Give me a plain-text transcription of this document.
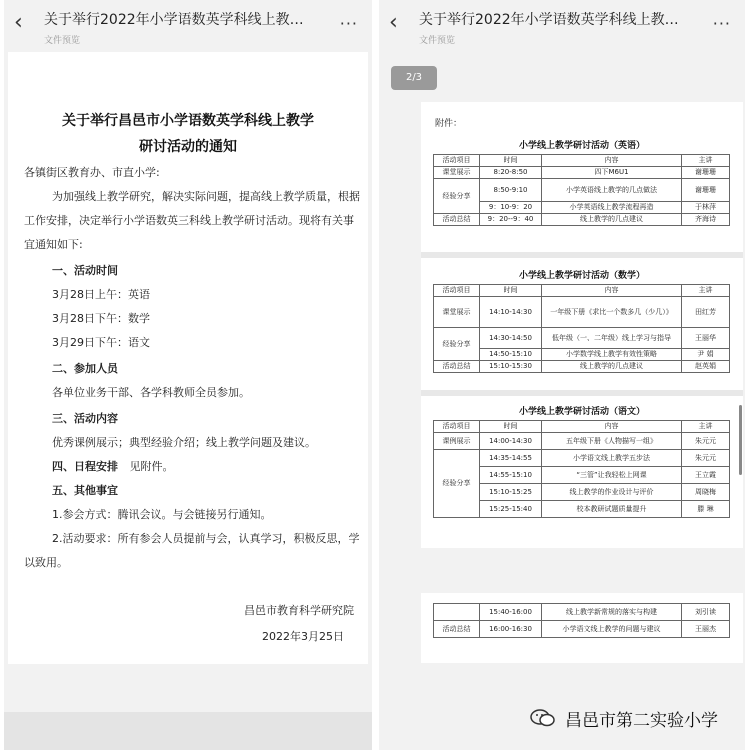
‹ 关于举行2022年小学语数英学科线上教…
文件预览
···
关于举行昌邑市小学语数英学科线上教学
研讨活动的通知
各镇街区教育办、市直小学:
为加强线上教学研究，解决实际问题，提高线上教学质量，根据
工作安排，决定举行小学语数英三科线上教学研讨活动。现将有关事
宜通知如下:
一、活动时间
3月28日上午：英语
3月28日下午：数学
3月29日下午：语文
二、参加人员
各单位业务干部、各学科教师全员参加。
三、活动内容
优秀课例展示；典型经验介绍；线上教学问题及建议。
四、日程安排 见附件。
五、其他事宜
1.参会方式：腾讯会议。与会链接另行通知。
2.活动要求：所有参会人员提前与会，认真学习，积极反思，学
以致用。
昌邑市教育科学研究院
2022年3月25日
‹ 关于举行2022年小学语数英学科线上教…
文件预览
···
2/3
附件：
小学线上教学研讨活动（英语）
活动项目	时间	内容	主讲
课堂展示	8:20-8:50	四下M6U1	谢珊珊
经验分享	8:50-9:10	小学英语线上教学的几点做法	谢珊珊
	9：10-9：20	小学英语线上教学流程再造	于林萍
活动总结	9：20--9：40	线上教学的几点建议	齐海诗
小学线上教学研讨活动（数学）
活动项目	时间	内容	主讲
课堂展示	14:10-14:30	一年级下册《求比一个数多几（少几）》	田红芳
经验分享	14:30-14:50	低年级（一、二年级）线上学习与指导	王丽华
	14:50-15:10	小学数学线上教学有效性策略	尹 娟
活动总结	15:10-15:30	线上教学的几点建议	赵英娟
小学线上教学研讨活动（语文）
活动项目	时间	内容	主讲
课例展示	14:00-14:30	五年级下册《人物描写一组》	朱元元
经验分享	14:35-14:55	小学语文线上教学五步法	朱元元
	14:55-15:10	“三管”让我轻松上网课	王立霞
	15:10-15:25	线上教学的作业设计与评价	周晓梅
	15:25-15:40	校本教研试题质量提升	滕 琳
	15:40-16:00	线上教学新常规的落实与构建	刘引读
活动总结	16:00-16:30	小学语文线上教学的问题与建议	王丽杰
昌邑市第二实验小学
